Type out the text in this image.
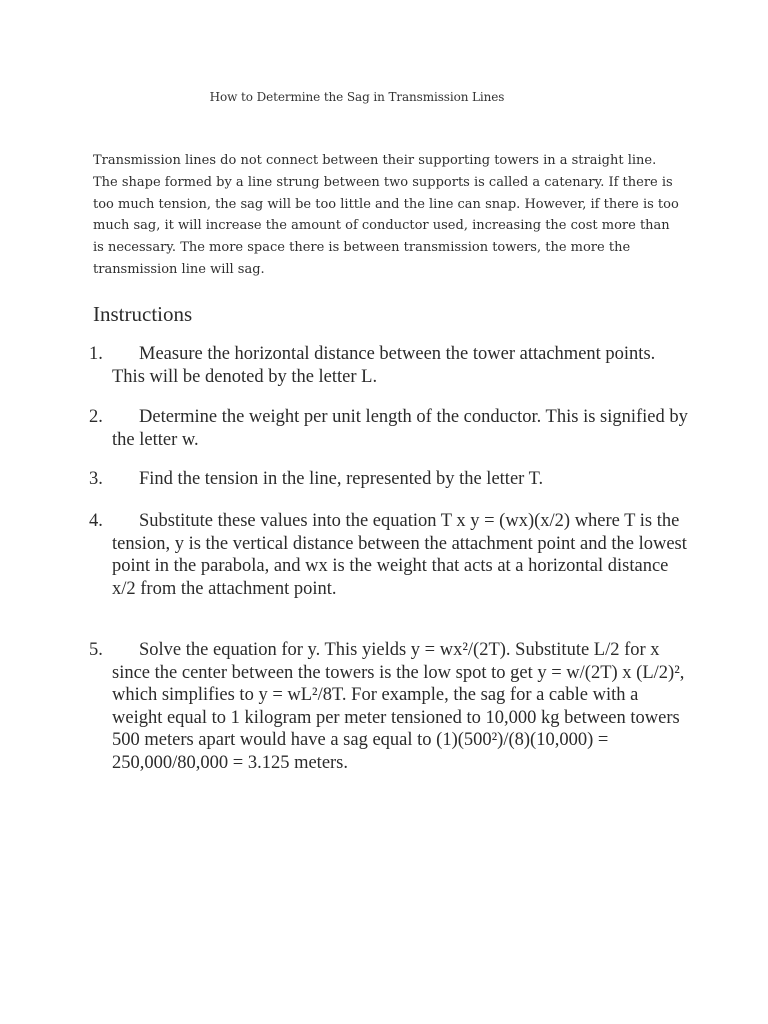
How to Determine the Sag in Transmission Lines

Transmission lines do not connect between their supporting towers in a straight line. The shape formed by a line strung between two supports is called a catenary. If there is too much tension, the sag will be too little and the line can snap. However, if there is too much sag, it will increase the amount of conductor used, increasing the cost more than is necessary. The more space there is between transmission towers, the more the transmission line will sag.

Instructions
1.	Measure the horizontal distance between the tower attachment points. This will be denoted by the letter L.
2.	Determine the weight per unit length of the conductor. This is signified by the letter w.
3.	Find the tension in the line, represented by the letter T.
4.	Substitute these values into the equation T x y = (wx)(x/2) where T is the tension, y is the vertical distance between the attachment point and the lowest point in the parabola, and wx is the weight that acts at a horizontal distance x/2 from the attachment point.
5.	Solve the equation for y. This yields y = wx²/(2T). Substitute L/2 for x since the center between the towers is the low spot to get y = w/(2T) x (L/2)², which simplifies to y = wL²/8T. For example, the sag for a cable with a weight equal to 1 kilogram per meter tensioned to 10,000 kg between towers 500 meters apart would have a sag equal to (1)(500²)/(8)(10,000) = 250,000/80,000 = 3.125 meters.
